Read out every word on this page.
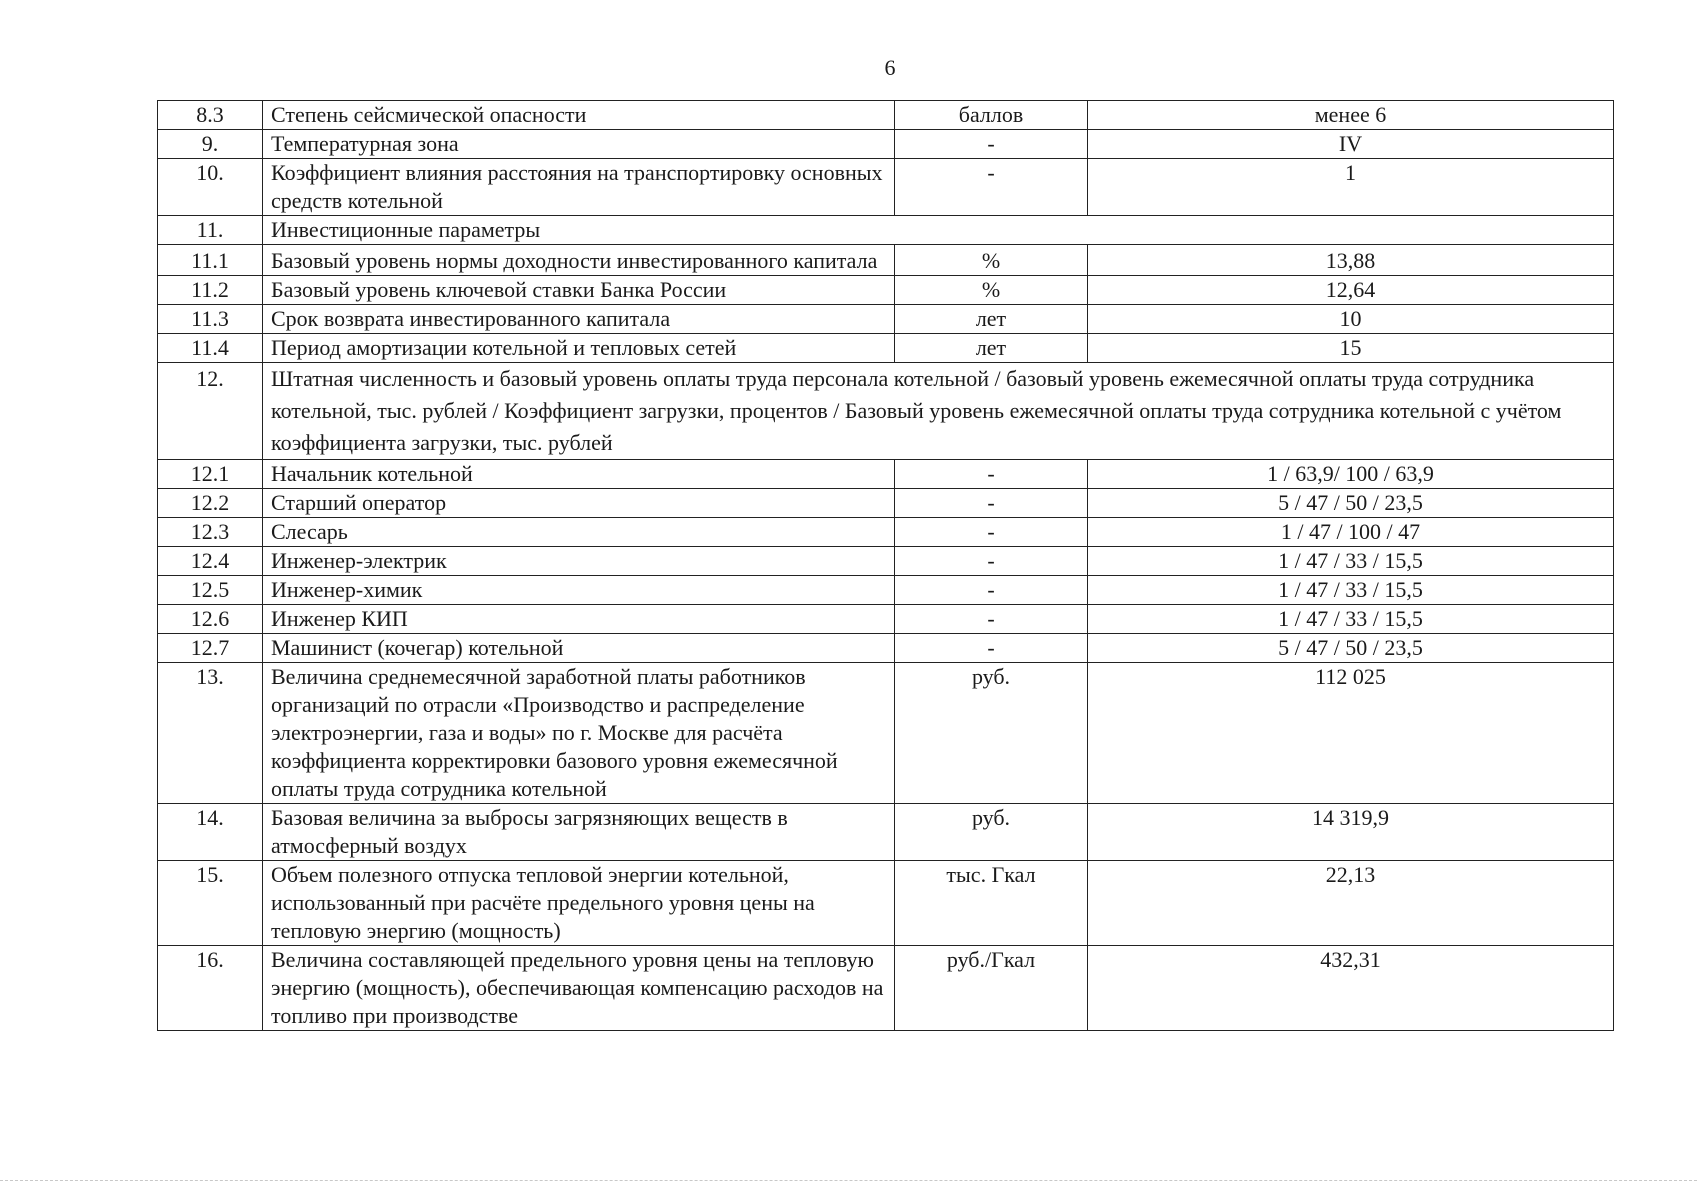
6
8.3	Степень сейсмической опасности	баллов	менее 6
9.	Температурная зона	-	IV
10.	Коэффициент влияния расстояния на транспортировку основных средств котельной	-	1
11.	Инвестиционные параметры		
11.1	Базовый уровень нормы доходности инвестированного капитала	%	13,88
11.2	Базовый уровень ключевой ставки Банка России	%	12,64
11.3	Срок возврата инвестированного капитала	лет	10
11.4	Период амортизации котельной и тепловых сетей	лет	15
12.	Штатная численность и базовый уровень оплаты труда персонала котельной / базовый уровень ежемесячной оплаты труда сотрудника котельной, тыс. рублей / Коэффициент загрузки, процентов / Базовый уровень ежемесячной оплаты труда сотрудника котельной с учётом коэффициента загрузки, тыс. рублей		
12.1	Начальник котельной	-	1 / 63,9/ 100 / 63,9
12.2	Старший оператор	-	5 / 47 / 50 / 23,5
12.3	Слесарь	-	1 / 47 / 100 / 47
12.4	Инженер-электрик	-	1 / 47 / 33 / 15,5
12.5	Инженер-химик	-	1 / 47 / 33 / 15,5
12.6	Инженер КИП	-	1 / 47 / 33 / 15,5
12.7	Машинист (кочегар) котельной	-	5 / 47 / 50 / 23,5
13.	Величина среднемесячной заработной платы работников организаций по отрасли «Производство и распределение электроэнергии, газа и воды» по г. Москве для расчёта коэффициента корректировки базового уровня ежемесячной оплаты труда сотрудника котельной	руб.	112 025
14.	Базовая величина за выбросы загрязняющих веществ в атмосферный воздух	руб.	14 319,9
15.	Объем полезного отпуска тепловой энергии котельной, использованный при расчёте предельного уровня цены на тепловую энергию (мощность)	тыс. Гкал	22,13
16.	Величина составляющей предельного уровня цены на тепловую энергию (мощность), обеспечивающая компенсацию расходов на топливо при производстве	руб./Гкал	432,31
